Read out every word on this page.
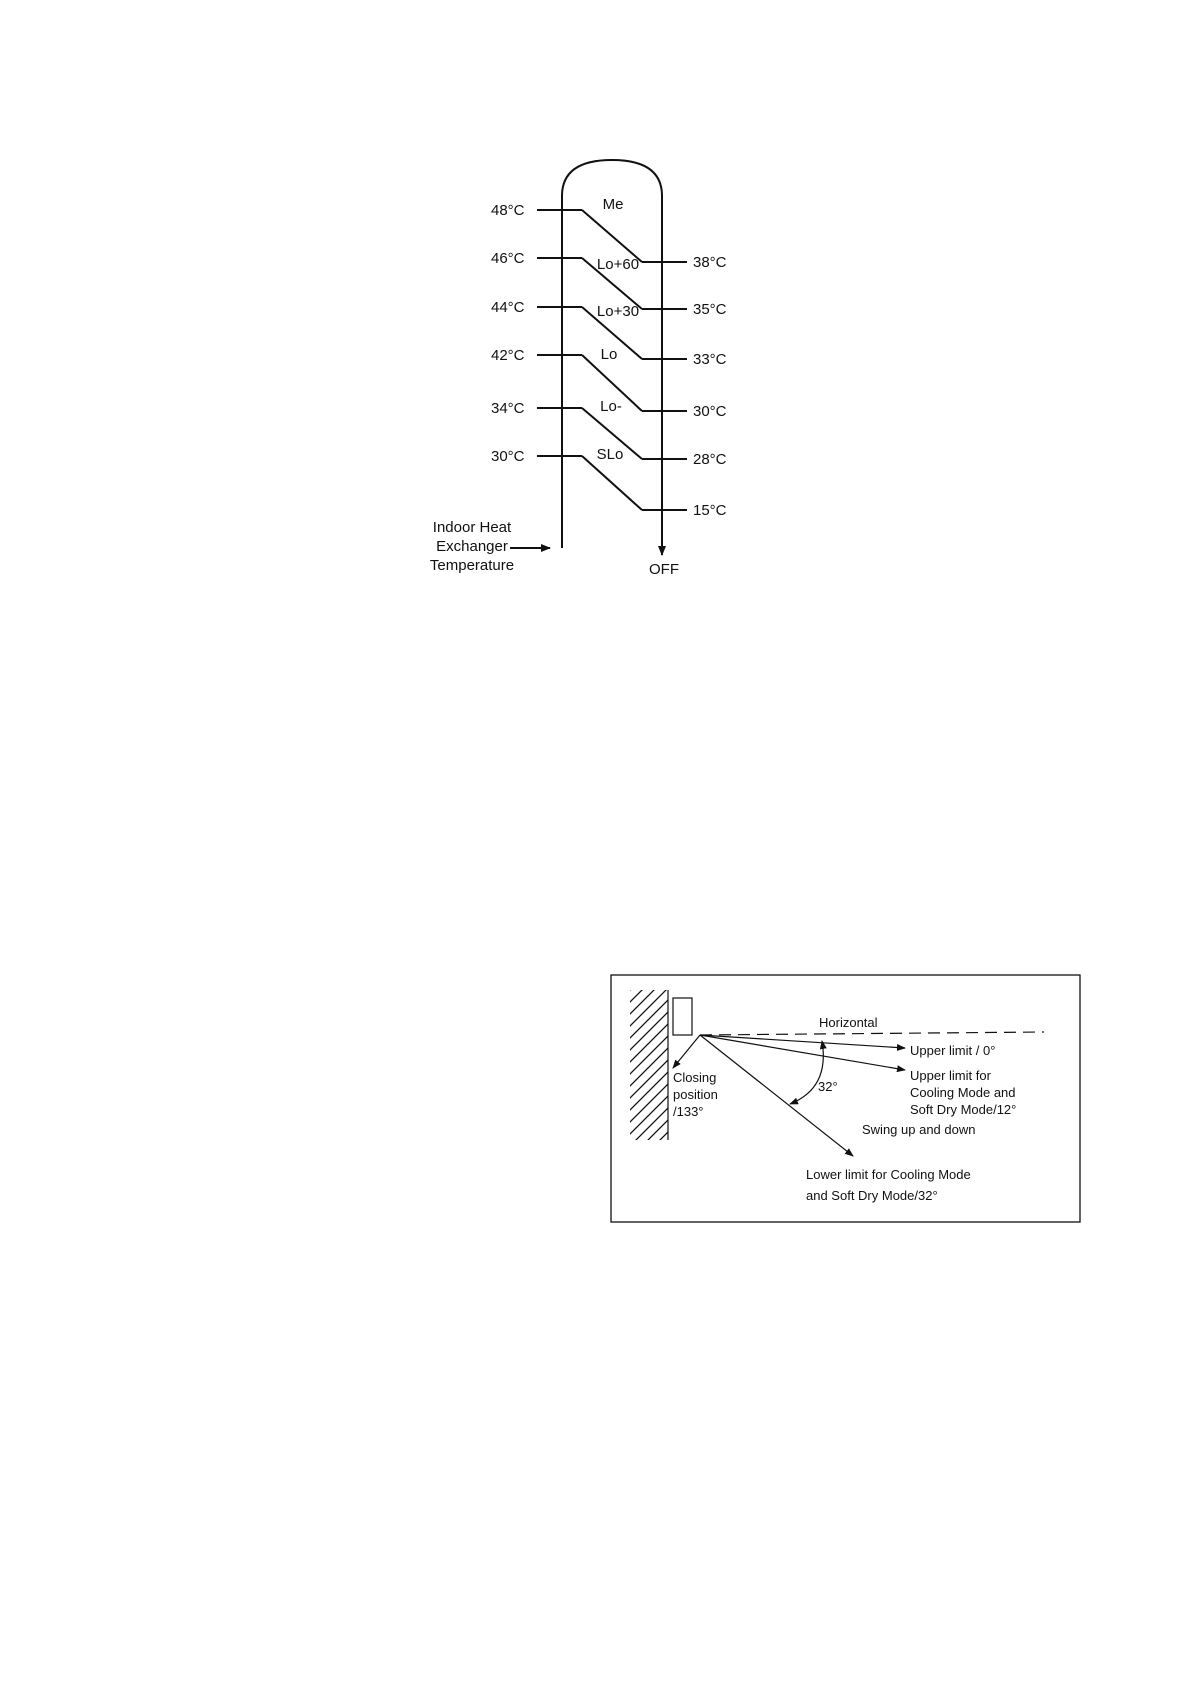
48°C
46°C
44°C
42°C
34°C
30°C
38°C
35°C
33°C
30°C
28°C
15°C
Me
Lo+60
Lo+30
Lo
Lo-
SLo
Indoor Heat
Exchanger
Temperature	OFF
Horizontal
Upper limit / 0°
Upper limit for
Cooling Mode and
Soft Dry Mode/12°
Closing
position
/133°
32°
Swing up and down
Lower limit for Cooling Mode
and Soft Dry Mode/32°
